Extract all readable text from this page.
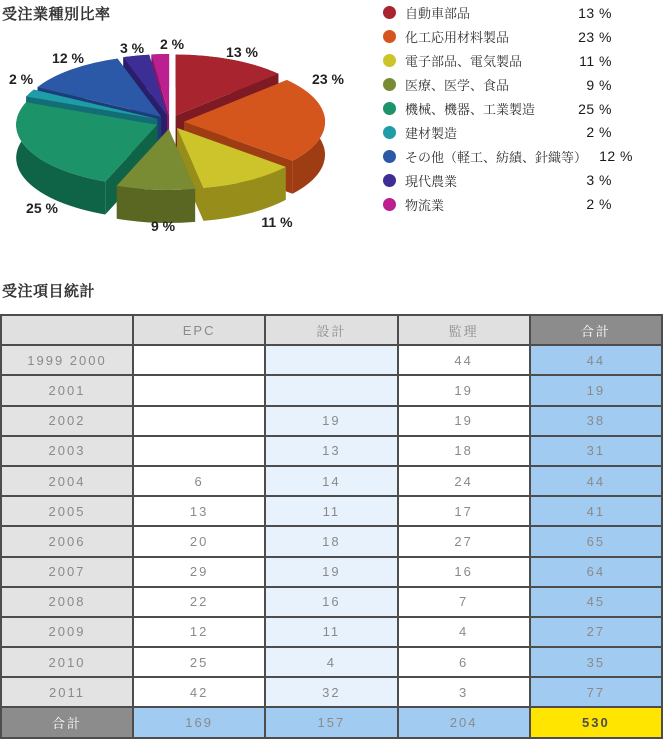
受注業種別比率
13 %
23 %
11 %
9 %
25 %
2 %
12 %
3 % 2 %
自動車部品	13 %
化工応用材料製品	23 %
電子部品、電気製品	11 %
医療、医学、食品	9 %
機械、機器、工業製造	25 %
建材製造	2 %
その他（軽工、紡績、針織等） 12 %
現代農業	3 %
物流業	2 %
受注項目統計
	EPC	設計	監理	合計
1999 2000			44	44
2001			19	19
2002		19	19	38
2003		13	18	31
2004	6	14	24	44
2005	13	11	17	41
2006	20	18	27	65
2007	29	19	16	64
2008	22	16	7	45
2009	12	11	4	27
2010	25	4	6	35
2011	42	32	3	77
合計	169	157	204	530
